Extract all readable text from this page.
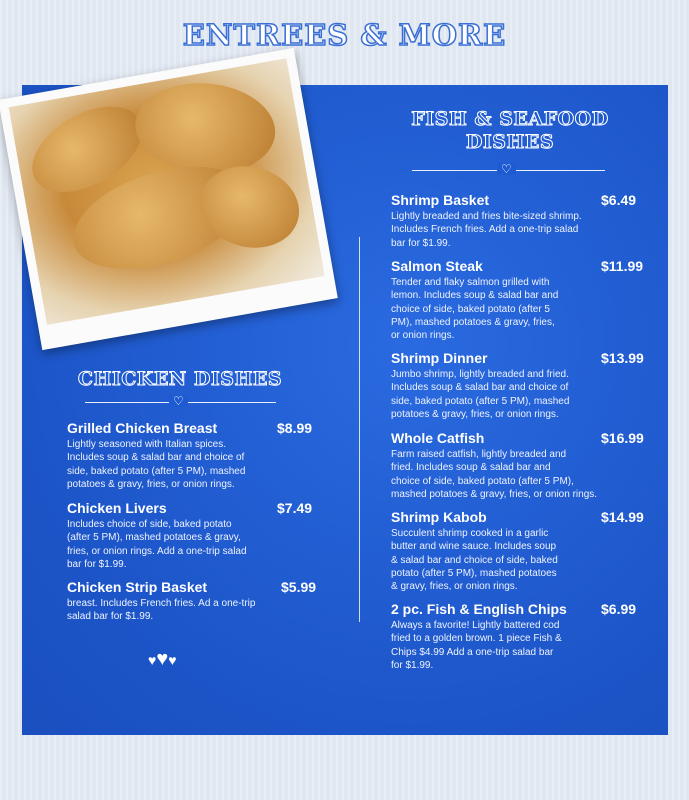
ENTREES & MORE
FISH & SEAFOOD
DISHES
♡
CHICKEN DISHES
♡
Grilled Chicken Breast	$8.99
Lightly seasoned with Italian spices.
Includes soup & salad bar and choice of
side, baked potato (after 5 PM), mashed
potatoes & gravy, fries, or onion rings.
Chicken Livers	$7.49
Includes choice of side, baked potato
(after 5 PM), mashed potatoes & gravy,
fries, or onion rings. Add a one-trip salad
bar for $1.99.
Chicken Strip Basket	$5.99
breast. Includes French fries. Ad a one-trip
salad bar for $1.99.
♥♥♥
Shrimp Basket	$6.49
Lightly breaded and fries bite-sized shrimp.
Includes French fries. Add a one-trip salad
bar for $1.99.
Salmon Steak	$11.99
Tender and flaky salmon grilled with
lemon. Includes soup & salad bar and
choice of side, baked potato (after 5
PM), mashed potatoes & gravy, fries,
or onion rings.
Shrimp Dinner	$13.99
Jumbo shrimp, lightly breaded and fried.
Includes soup & salad bar and choice of
side, baked potato (after 5 PM), mashed
potatoes & gravy, fries, or onion rings.
Whole Catfish	$16.99
Farm raised catfish, lightly breaded and
fried. Includes soup & salad bar and
choice of side, baked potato (after 5 PM),
mashed potatoes & gravy, fries, or onion rings.
Shrimp Kabob	$14.99
Succulent shrimp cooked in a garlic
butter and wine sauce. Includes soup
& salad bar and choice of side, baked
potato (after 5 PM), mashed potatoes
& gravy, fries, or onion rings.
2 pc. Fish & English Chips $6.99
Always a favorite! Lightly battered cod
fried to a golden brown. 1 piece Fish &
Chips $4.99 Add a one-trip salad bar
for $1.99.
